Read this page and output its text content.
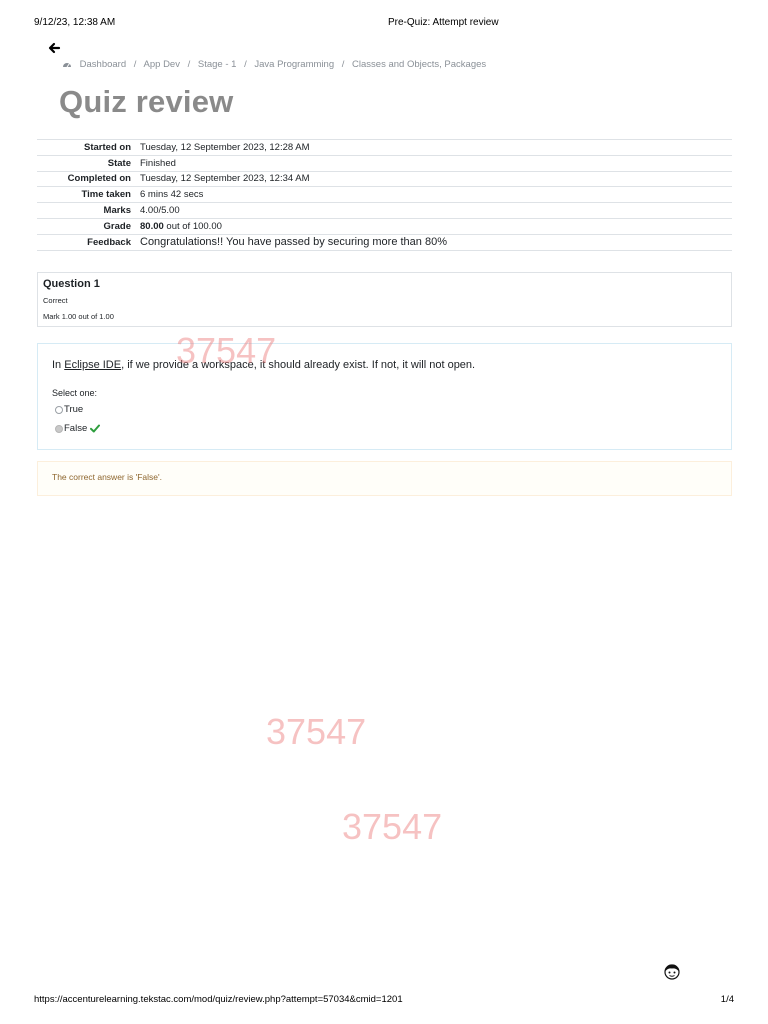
9/12/23, 12:38 AM	Pre-Quiz: Attempt review
Dashboard / App Dev / Stage - 1 / Java Programming / Classes and Objects, Packages
Quiz review
Started on	Tuesday, 12 September 2023, 12:28 AM
State	Finished
Completed on	Tuesday, 12 September 2023, 12:34 AM
Time taken	6 mins 42 secs
Marks	4.00/5.00
Grade	80.00 out of 100.00
Feedback	Congratulations!! You have passed by securing more than 80%
Question 1
Correct
Mark 1.00 out of 1.00
In Eclipse IDE, if we provide a workspace, it should already exist. If not, it will not open.
Select one:
True
False
The correct answer is 'False'.
37547
37547
37547
https://accenturelearning.tekstac.com/mod/quiz/review.php?attempt=57034&cmid=1201	1/4
